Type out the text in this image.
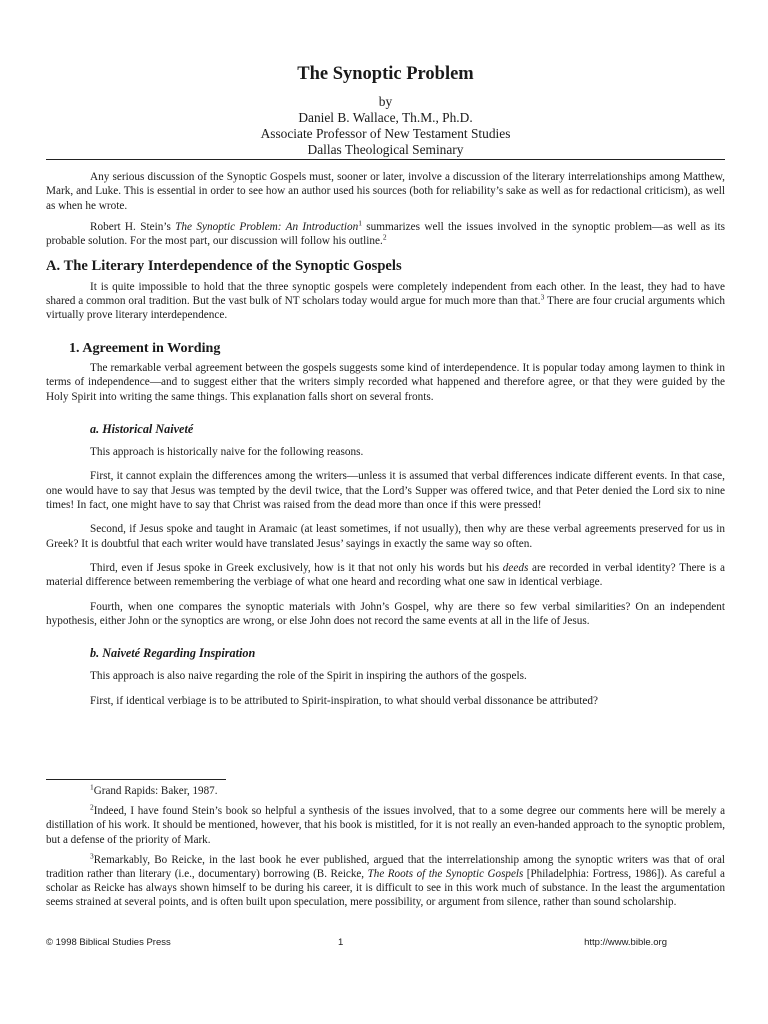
The Synoptic Problem
by
Daniel B. Wallace, Th.M., Ph.D.
Associate Professor of New Testament Studies
Dallas Theological Seminary

Any serious discussion of the Synoptic Gospels must, sooner or later, involve a discussion of the literary interrelationships among Matthew, Mark, and Luke. This is essential in order to see how an author used his sources (both for reliability’s sake as well as for redactional criticism), as well as when he wrote.

Robert H. Stein’s The Synoptic Problem: An Introduction$^1$ summarizes well the issues involved in the synoptic problem—as well as its probable solution. For the most part, our discussion will follow his outline.$^2$

A. The Literary Interdependence of the Synoptic Gospels

It is quite impossible to hold that the three synoptic gospels were completely independent from each other. In the least, they had to have shared a common oral tradition. But the vast bulk of NT scholars today would argue for much more than that.$^3$ There are four crucial arguments which virtually prove literary interdependence.

1. Agreement in Wording

The remarkable verbal agreement between the gospels suggests some kind of interdependence. It is popular today among laymen to think in terms of independence—and to suggest either that the writers simply recorded what happened and therefore agree, or that they were guided by the Holy Spirit into writing the same things. This explanation falls short on several fronts.

a. Historical Naiveté

This approach is historically naive for the following reasons.

First, it cannot explain the differences among the writers—unless it is assumed that verbal differences indicate different events. In that case, one would have to say that Jesus was tempted by the devil twice, that the Lord’s Supper was offered twice, and that Peter denied the Lord six to nine times! In fact, one might have to say that Christ was raised from the dead more than once if this were pressed!

Second, if Jesus spoke and taught in Aramaic (at least sometimes, if not usually), then why are these verbal agreements preserved for us in Greek? It is doubtful that each writer would have translated Jesus’ sayings in exactly the same way so often.

Third, even if Jesus spoke in Greek exclusively, how is it that not only his words but his deeds are recorded in verbal identity? There is a material difference between remembering the verbiage of what one heard and recording what one saw in identical verbiage.

Fourth, when one compares the synoptic materials with John’s Gospel, why are there so few verbal similarities? On an independent hypothesis, either John or the synoptics are wrong, or else John does not record the same events at all in the life of Jesus.

b. Naiveté Regarding Inspiration

This approach is also naive regarding the role of the Spirit in inspiring the authors of the gospels.

First, if identical verbiage is to be attributed to Spirit-inspiration, to what should verbal dissonance be attributed?

$^1$Grand Rapids: Baker, 1987.

$^2$Indeed, I have found Stein’s book so helpful a synthesis of the issues involved, that to a some degree our comments here will be merely a distillation of his work. It should be mentioned, however, that his book is mistitled, for it is not really an even-handed approach to the synoptic problem, but a defense of the priority of Mark.

$^3$Remarkably, Bo Reicke, in the last book he ever published, argued that the interrelationship among the synoptic writers was that of oral tradition rather than literary (i.e., documentary) borrowing (B. Reicke, The Roots of the Synoptic Gospels [Philadelphia: Fortress, 1986]). As careful a scholar as Reicke has always shown himself to be during his career, it is difficult to see in this work much of substance. In the least the argumentation seems strained at several points, and is often built upon speculation, mere possibility, or argument from silence, rather than sound scholarship.

© 1998 Biblical Studies Press	1	http://www.bible.org
